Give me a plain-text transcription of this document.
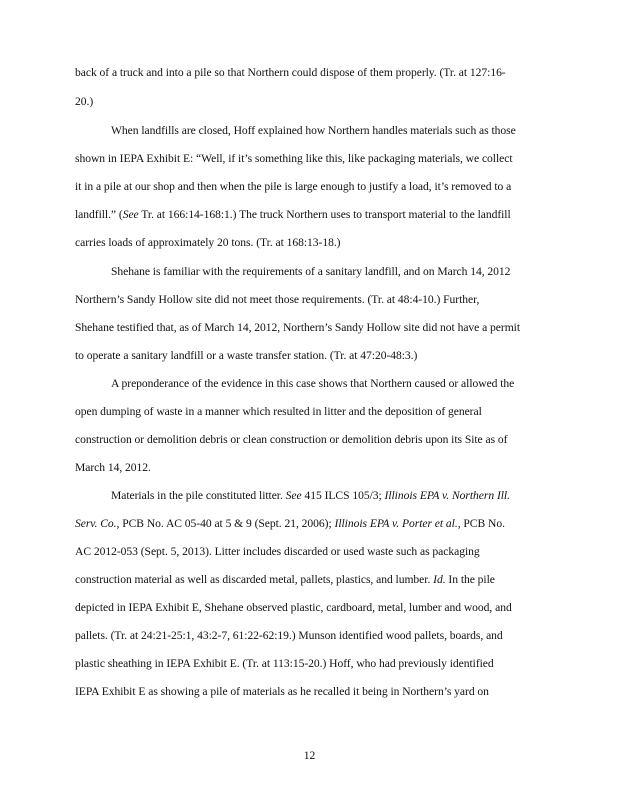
back of a truck and into a pile so that Northern could dispose of them properly. (Tr. at 127:16-
20.)
When landfills are closed, Hoff explained how Northern handles materials such as those
shown in IEPA Exhibit E: “Well, if it’s something like this, like packaging materials, we collect
it in a pile at our shop and then when the pile is large enough to justify a load, it’s removed to a
landfill.” (See Tr. at 166:14-168:1.) The truck Northern uses to transport material to the landfill
carries loads of approximately 20 tons. (Tr. at 168:13-18.)
Shehane is familiar with the requirements of a sanitary landfill, and on March 14, 2012
Northern’s Sandy Hollow site did not meet those requirements. (Tr. at 48:4-10.) Further,
Shehane testified that, as of March 14, 2012, Northern’s Sandy Hollow site did not have a permit
to operate a sanitary landfill or a waste transfer station. (Tr. at 47:20-48:3.)
A preponderance of the evidence in this case shows that Northern caused or allowed the
open dumping of waste in a manner which resulted in litter and the deposition of general
construction or demolition debris or clean construction or demolition debris upon its Site as of
March 14, 2012.
Materials in the pile constituted litter. See 415 ILCS 105/3; Illinois EPA v. Northern Ill.
Serv. Co., PCB No. AC 05-40 at 5 & 9 (Sept. 21, 2006); Illinois EPA v. Porter et al., PCB No.
AC 2012-053 (Sept. 5, 2013). Litter includes discarded or used waste such as packaging
construction material as well as discarded metal, pallets, plastics, and lumber. Id. In the pile
depicted in IEPA Exhibit E, Shehane observed plastic, cardboard, metal, lumber and wood, and
pallets. (Tr. at 24:21-25:1, 43:2-7, 61:22-62:19.) Munson identified wood pallets, boards, and
plastic sheathing in IEPA Exhibit E. (Tr. at 113:15-20.) Hoff, who had previously identified
IEPA Exhibit E as showing a pile of materials as he recalled it being in Northern’s yard on
12
